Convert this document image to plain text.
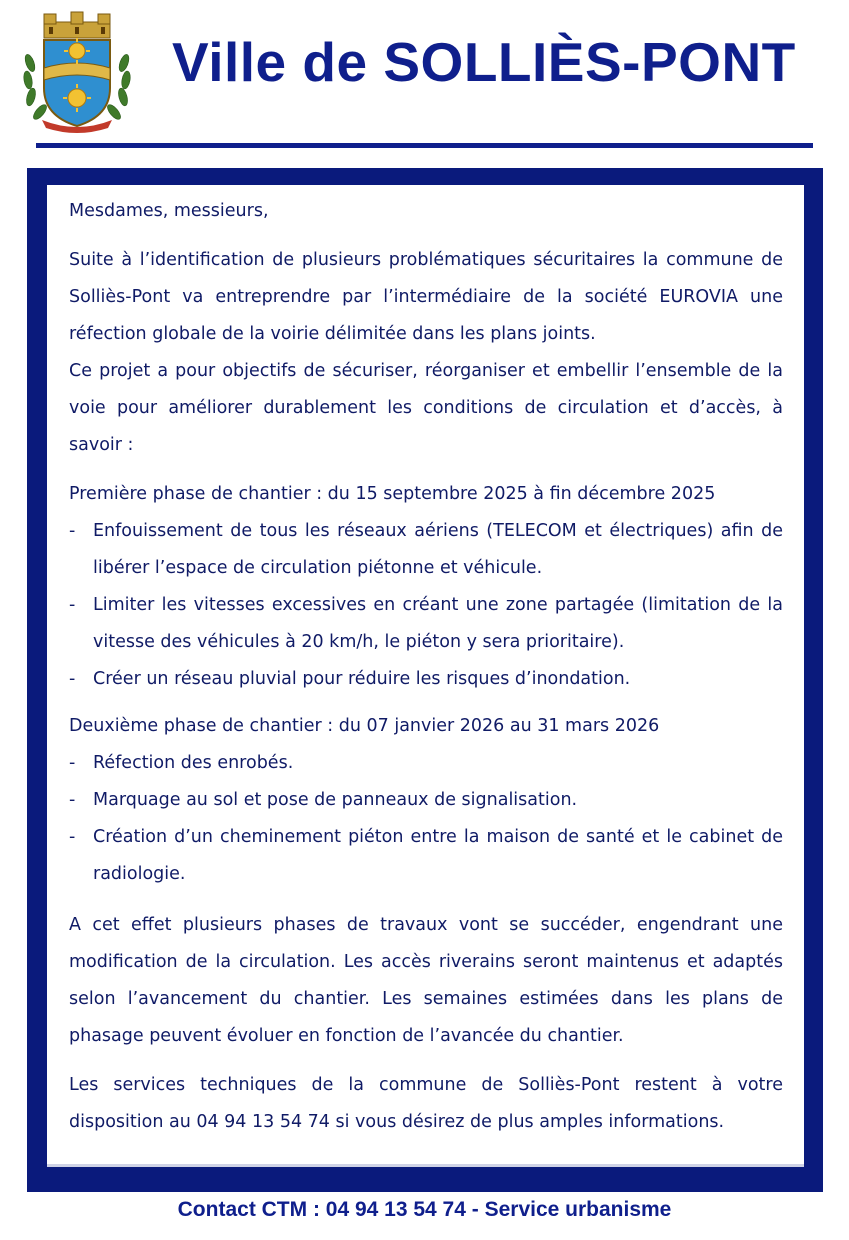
Ville de SOLLIÈS-PONT

Mesdames, messieurs,

Suite à l’identification de plusieurs problématiques sécuritaires la commune de Solliès-Pont va entreprendre par l’intermédiaire de la société EUROVIA une réfection globale de la voirie délimitée dans les plans joints.

Ce projet a pour objectifs de sécuriser, réorganiser et embellir l’ensemble de la voie pour améliorer durablement les conditions de circulation et d’accès, à savoir :

Première phase de chantier : du 15 septembre 2025 à fin décembre 2025

- Enfouissement de tous les réseaux aériens (TELECOM et électriques) afin de libérer l’espace de circulation piétonne et véhicule.
- Limiter les vitesses excessives en créant une zone partagée (limitation de la vitesse des véhicules à 20 km/h, le piéton y sera prioritaire).
- Créer un réseau pluvial pour réduire les risques d’inondation.

Deuxième phase de chantier : du 07 janvier 2026 au 31 mars 2026

- Réfection des enrobés.
- Marquage au sol et pose de panneaux de signalisation.
- Création d’un cheminement piéton entre la maison de santé et le cabinet de radiologie.

A cet effet plusieurs phases de travaux vont se succéder, engendrant une modification de la circulation. Les accès riverains seront maintenus et adaptés selon l’avancement du chantier. Les semaines estimées dans les plans de phasage peuvent évoluer en fonction de l’avancée du chantier.

Les services techniques de la commune de Solliès-Pont restent à votre disposition au 04 94 13 54 74 si vous désirez de plus amples informations.

Contact CTM : 04 94 13 54 74 - Service urbanisme
